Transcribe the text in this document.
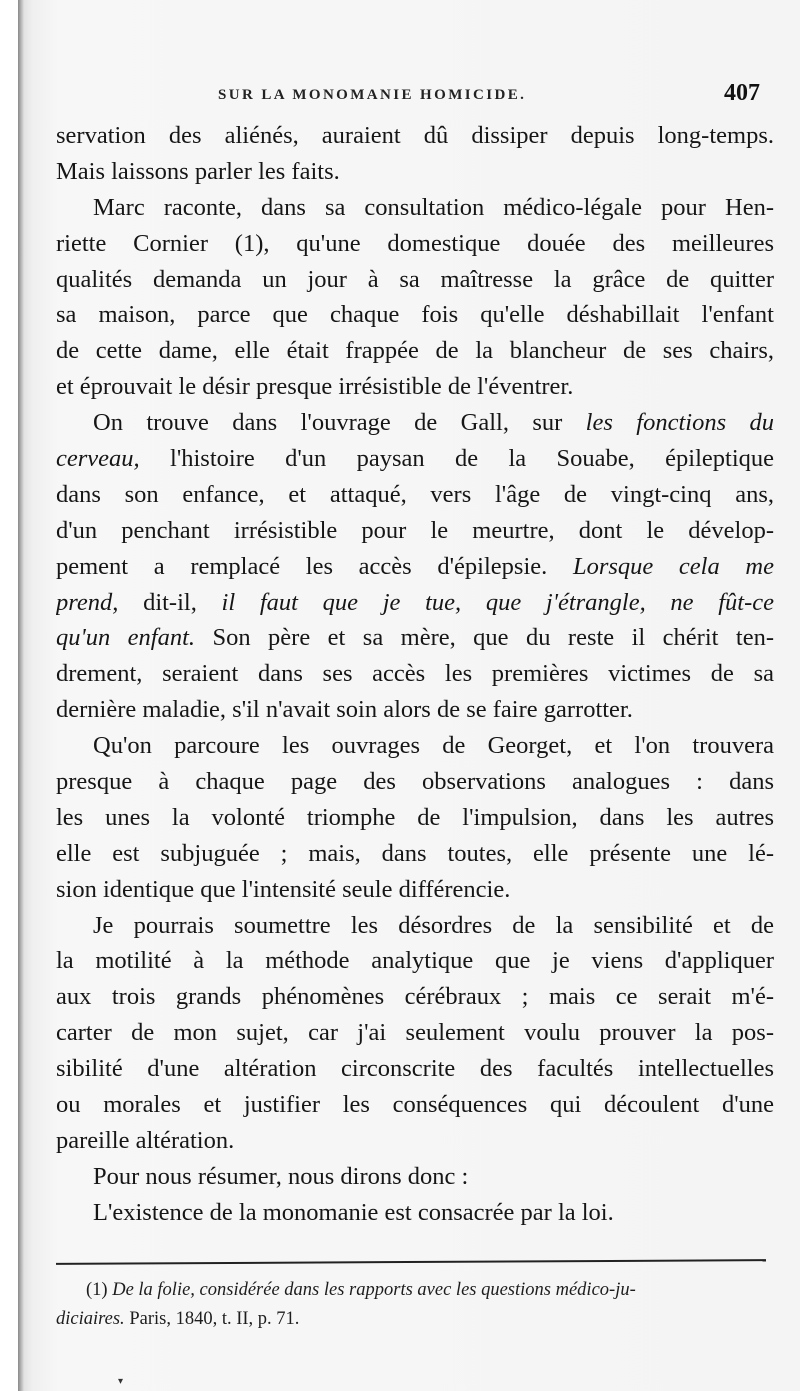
SUR LA MONOMANIE HOMICIDE.	407
servation des aliénés, auraient dû dissiper depuis long-temps.
Mais laissons parler les faits.
Marc raconte, dans sa consultation médico-légale pour Hen-
riette Cornier (1), qu'une domestique douée des meilleures
qualités demanda un jour à sa maîtresse la grâce de quitter
sa maison, parce que chaque fois qu'elle déshabillait l'enfant
de cette dame, elle était frappée de la blancheur de ses chairs,
et éprouvait le désir presque irrésistible de l'éventrer.
On trouve dans l'ouvrage de Gall, sur les fonctions du
cerveau, l'histoire d'un paysan de la Souabe, épileptique
dans son enfance, et attaqué, vers l'âge de vingt-cinq ans,
d'un penchant irrésistible pour le meurtre, dont le dévelop-
pement a remplacé les accès d'épilepsie. Lorsque cela me
prend, dit-il, il faut que je tue, que j'étrangle, ne fût-ce
qu'un enfant. Son père et sa mère, que du reste il chérit ten-
drement, seraient dans ses accès les premières victimes de sa
dernière maladie, s'il n'avait soin alors de se faire garrotter.
Qu'on parcoure les ouvrages de Georget, et l'on trouvera
presque à chaque page des observations analogues : dans
les unes la volonté triomphe de l'impulsion, dans les autres
elle est subjuguée ; mais, dans toutes, elle présente une lé-
sion identique que l'intensité seule différencie.
Je pourrais soumettre les désordres de la sensibilité et de
la motilité à la méthode analytique que je viens d'appliquer
aux trois grands phénomènes cérébraux ; mais ce serait m'é-
carter de mon sujet, car j'ai seulement voulu prouver la pos-
sibilité d'une altération circonscrite des facultés intellectuelles
ou morales et justifier les conséquences qui découlent d'une
pareille altération.
Pour nous résumer, nous dirons donc :
L'existence de la monomanie est consacrée par la loi.
(1) De la folie, considérée dans les rapports avec les questions médico-ju-
diciaires. Paris, 1840, t. II, p. 71.
▾
